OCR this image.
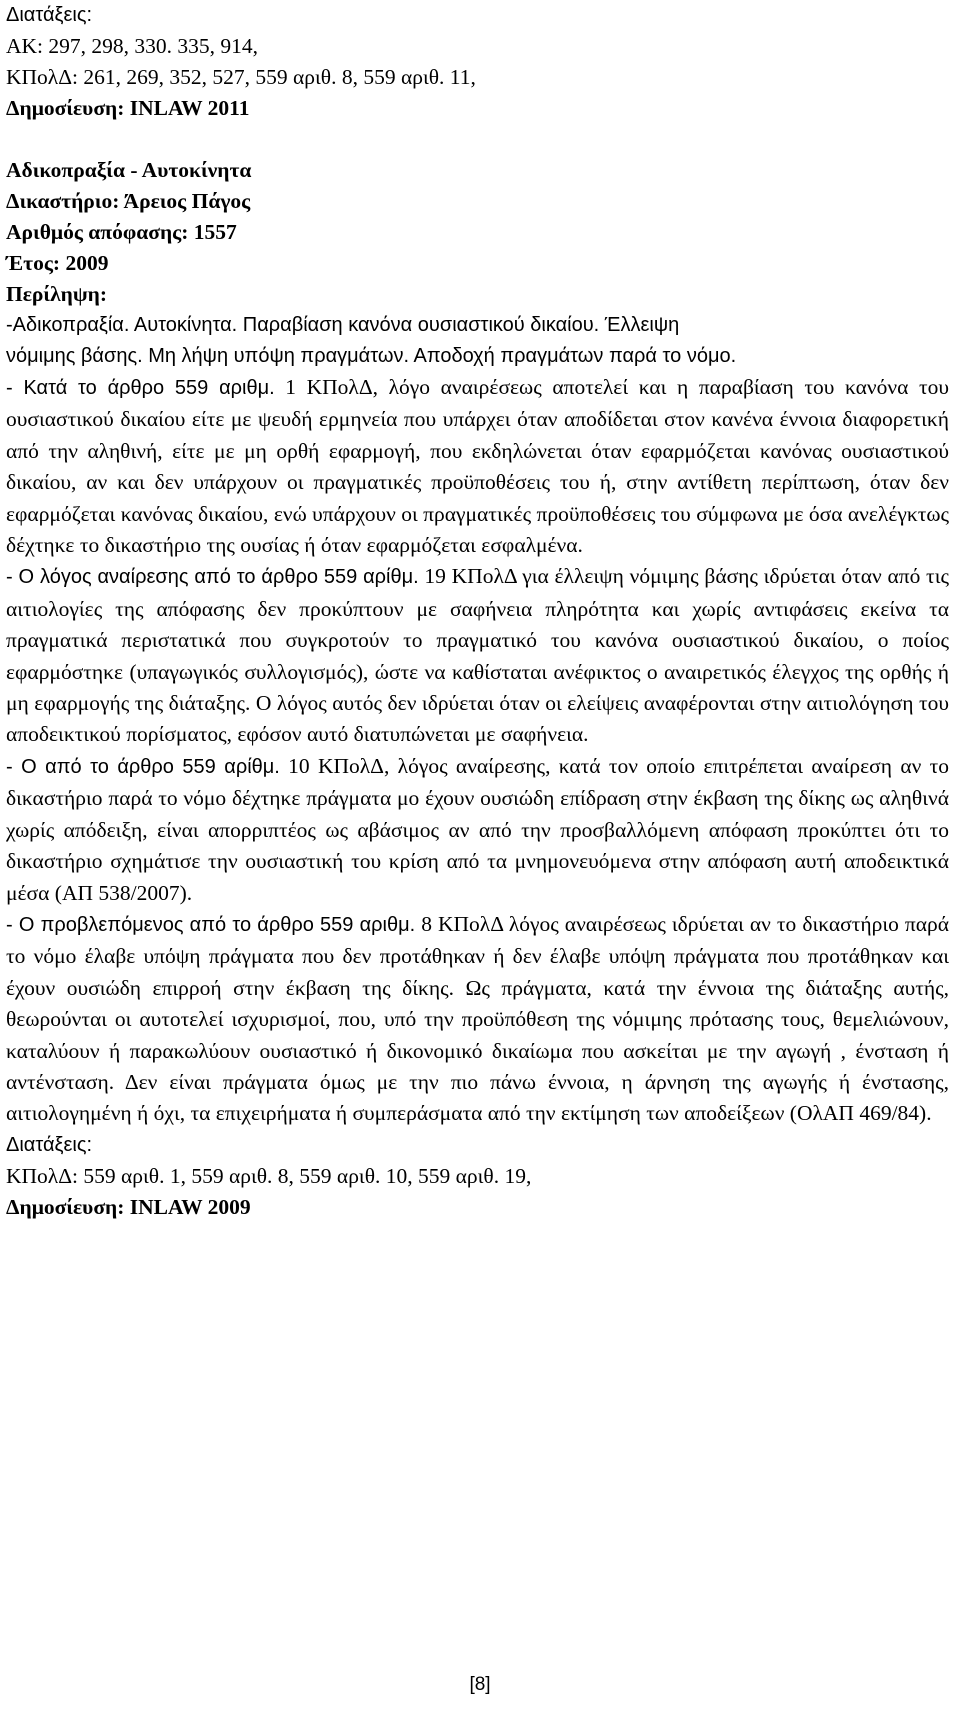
Διατάξεις:
ΑΚ: 297, 298, 330. 335, 914,
ΚΠολΔ: 261, 269, 352, 527, 559 αριθ. 8, 559 αριθ. 11,
Δημοσίευση: INLAW 2011
Αδικοπραξία - Αυτοκίνητα
Δικαστήριο: Άρειος Πάγος
Αριθμός απόφασης: 1557
Έτος: 2009
Περίληψη:
-Αδικοπραξία. Αυτοκίνητα. Παραβίαση κανόνα ουσιαστικού δικαίου. Έλλειψη
νόμιμης βάσης. Μη λήψη υπόψη πραγμάτων. Αποδοχή πραγμάτων παρά το νόμο.

- Κατά το άρθρο 559 αριθμ. 1 ΚΠολΔ, λόγο αναιρέσεως αποτελεί και η παραβίαση του κανόνα του ουσιαστικού δικαίου είτε με ψευδή ερμηνεία που υπάρχει όταν αποδίδεται στον κανένα έννοια διαφορετική από την αληθινή, είτε με μη ορθή εφαρμογή, που εκδηλώνεται όταν εφαρμόζεται κανόνας ουσιαστικού δικαίου, αν και δεν υπάρχουν οι πραγματικές προϋποθέσεις του ή, στην αντίθετη περίπτωση, όταν δεν εφαρμόζεται κανόνας δικαίου, ενώ υπάρχουν οι πραγματικές προϋποθέσεις του σύμφωνα με όσα ανελέγκτως δέχτηκε το δικαστήριο της ουσίας ή όταν εφαρμόζεται εσφαλμένα.

- Ο λόγος αναίρεσης από το άρθρο 559 αρίθμ. 19 ΚΠολΔ για έλλειψη νόμιμης βάσης ιδρύεται όταν από τις αιτιολογίες της απόφασης δεν προκύπτουν με σαφήνεια πληρότητα και χωρίς αντιφάσεις εκείνα τα πραγματικά περιστατικά που συγκροτούν το πραγματικό του κανόνα ουσιαστικού δικαίου, ο ποίος εφαρμόστηκε (υπαγωγικός συλλογισμός), ώστε να καθίσταται ανέφικτος ο αναιρετικός έλεγχος της ορθής ή μη εφαρμογής της διάταξης. Ο λόγος αυτός δεν ιδρύεται όταν οι ελείψεις αναφέρονται στην αιτιολόγηση του αποδεικτικού πορίσματος, εφόσον αυτό διατυπώνεται με σαφήνεια.

- Ο από το άρθρο 559 αρίθμ. 10 ΚΠολΔ, λόγος αναίρεσης, κατά τον οποίο επιτρέπεται αναίρεση αν το δικαστήριο παρά το νόμο δέχτηκε πράγματα μο έχουν ουσιώδη επίδραση στην έκβαση της δίκης ως αληθινά χωρίς απόδειξη, είναι απορριπτέος ως αβάσιμος αν από την προσβαλλόμενη απόφαση προκύπτει ότι το δικαστήριο σχημάτισε την ουσιαστική του κρίση από τα μνημονευόμενα στην απόφαση αυτή αποδεικτικά μέσα (ΑΠ 538/2007).

- Ο προβλεπόμενος από το άρθρο 559 αριθμ. 8 ΚΠολΔ λόγος αναιρέσεως ιδρύεται αν το δικαστήριο παρά το νόμο έλαβε υπόψη πράγματα που δεν προτάθηκαν ή δεν έλαβε υπόψη πράγματα που προτάθηκαν και έχουν ουσιώδη επιρροή στην έκβαση της δίκης. Ως πράγματα, κατά την έννοια της διάταξης αυτής, θεωρούνται οι αυτοτελεί ισχυρισμοί, που, υπό την προϋπόθεση της νόμιμης πρότασης τους, θεμελιώνουν, καταλύουν ή παρακωλύουν ουσιαστικό ή δικονομικό δικαίωμα που ασκείται με την αγωγή , ένσταση ή αντένσταση. Δεν είναι πράγματα όμως με την πιο πάνω έννοια, η άρνηση της αγωγής ή ένστασης, αιτιολογημένη ή όχι, τα επιχειρήματα ή συμπεράσματα από την εκτίμηση των αποδείξεων (ΟλΑΠ 469/84).

Διατάξεις:
ΚΠολΔ: 559 αριθ. 1, 559 αριθ. 8, 559 αριθ. 10, 559 αριθ. 19,
Δημοσίευση: INLAW 2009
[8]
